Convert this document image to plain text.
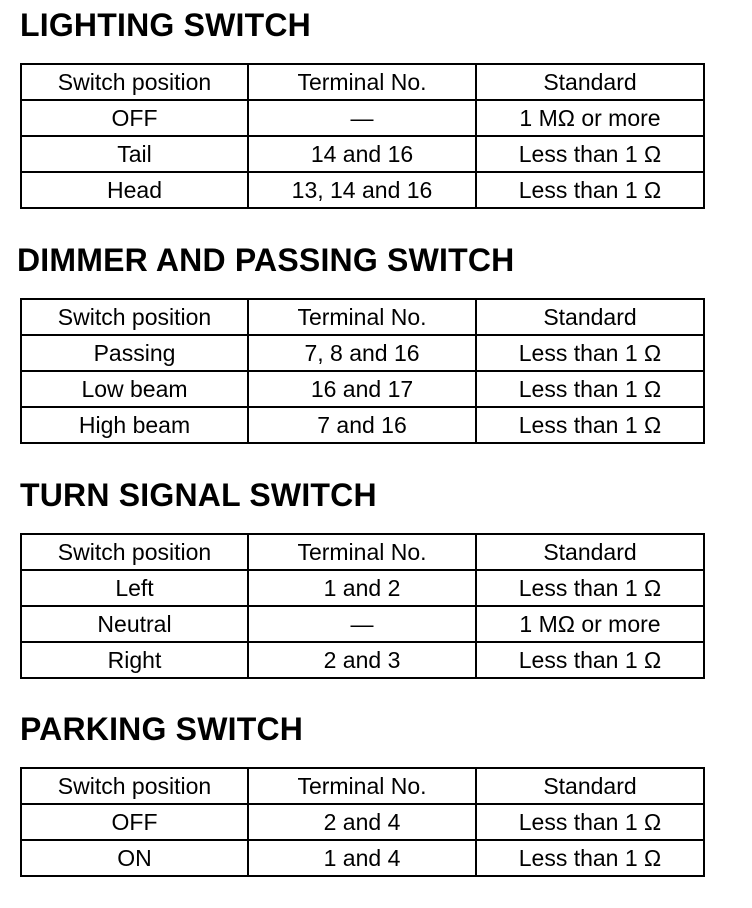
LIGHTING SWITCH
Switch position	Terminal No.	Standard
OFF	—	1 MΩ or more
Tail	14 and 16	Less than 1 Ω
Head	13, 14 and 16	Less than 1 Ω
DIMMER AND PASSING SWITCH
Switch position	Terminal No.	Standard
Passing	7, 8 and 16	Less than 1 Ω
Low beam	16 and 17	Less than 1 Ω
High beam	7 and 16	Less than 1 Ω
TURN SIGNAL SWITCH
Switch position	Terminal No.	Standard
Left	1 and 2	Less than 1 Ω
Neutral	—	1 MΩ or more
Right	2 and 3	Less than 1 Ω
PARKING SWITCH
Switch position	Terminal No.	Standard
OFF	2 and 4	Less than 1 Ω
ON	1 and 4	Less than 1 Ω
